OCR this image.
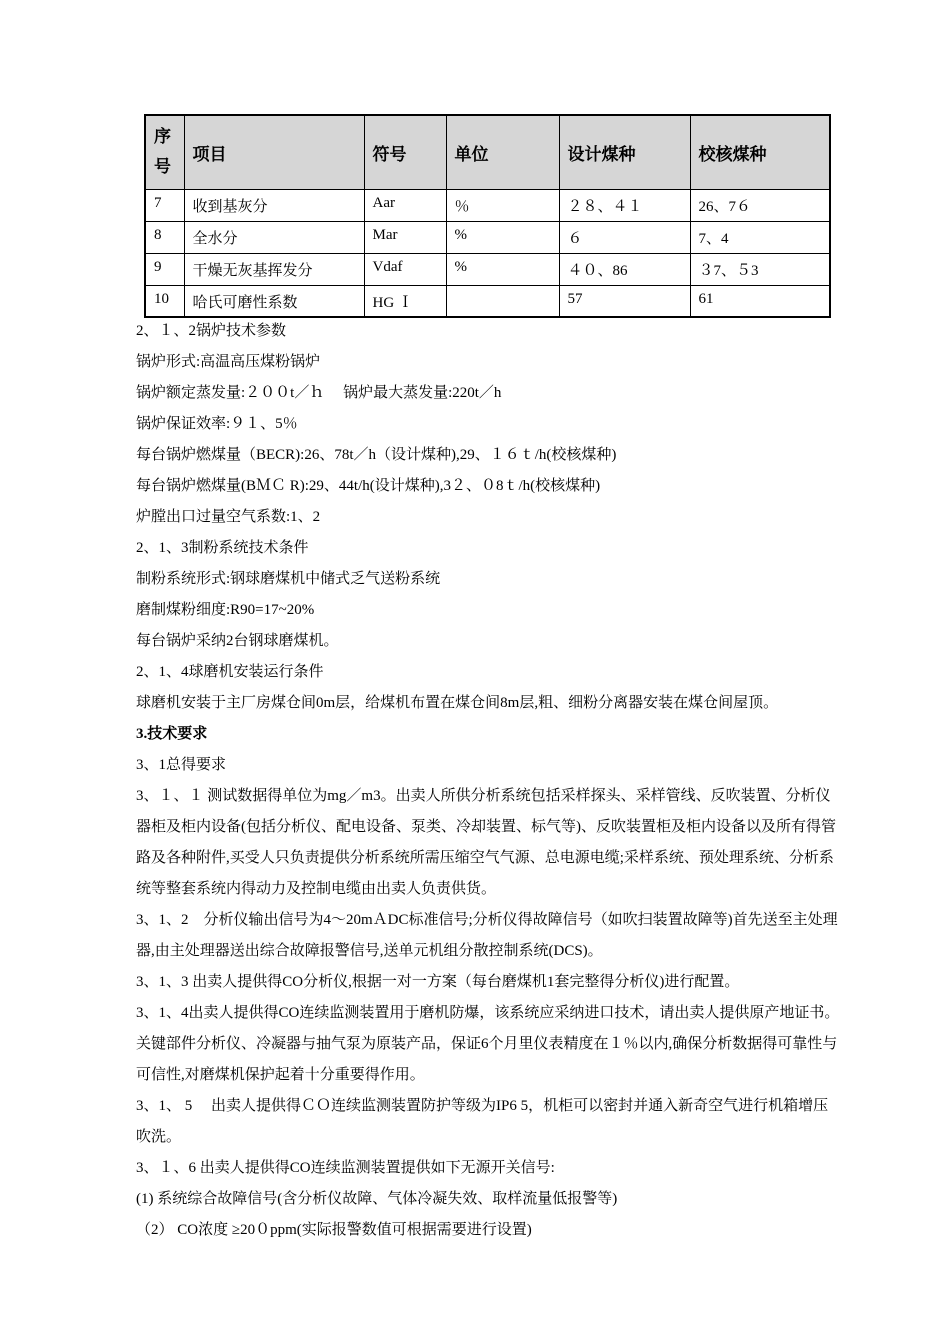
序号	项目	符号	单位	设计煤种	校核煤种
7	收到基灰分	Aar	％	２８、４１	26、7６
8	全水分	Mar	%	６	7、4
9	干燥无灰基挥发分	Vdaf	%	４０、86	３7、５3
10	哈氏可磨性系数	HG Ｉ		57	61

2、１、2锅炉技术参数

锅炉形式:高温高压煤粉锅炉

锅炉额定蒸发量:２００t／ｈ　 锅炉最大蒸发量:220t／h

锅炉保证效率:９１、5％

每台锅炉燃煤量（BECR):26、78t／h（设计煤种),29、１６ｔ/h(校核煤种)

每台锅炉燃煤量(BＭＣ R):29、44t/h(设计煤种),3２、０8ｔ/h(校核煤种)

炉膛出口过量空气系数:1、2

2、1、3制粉系统技术条件

制粉系统形式:钢球磨煤机中储式乏气送粉系统

磨制煤粉细度:R90=17~20%

每台锅炉采纳2台钢球磨煤机。

2、1、4球磨机安装运行条件

球磨机安装于主厂房煤仓间0m层，给煤机布置在煤仓间8m层,粗、细粉分离器安装在煤仓间屋顶。

3.技术要求

3、1总得要求

3、１、１ 测试数据得单位为mg／m3。出卖人所供分析系统包括采样探头、采样管线、反吹装置、分析仪器柜及柜内设备(包括分析仪、配电设备、泵类、冷却装置、标气等)、反吹装置柜及柜内设备以及所有得管路及各种附件,买受人只负责提供分析系统所需压缩空气气源、总电源电缆;采样系统、预处理系统、分析系统等整套系统内得动力及控制电缆由出卖人负责供货。

3、1、2　分析仪输出信号为4～20mＡDC标准信号;分析仪得故障信号（如吹扫装置故障等)首先送至主处理器,由主处理器送出综合故障报警信号,送单元机组分散控制系统(DCS)。

3、1、3 出卖人提供得CO分析仪,根据一对一方案（每台磨煤机1套完整得分析仪)进行配置。

3、1、4出卖人提供得CO连续监测装置用于磨机防爆，该系统应采纳进口技术，请出卖人提供原产地证书。关键部件分析仪、冷凝器与抽气泵为原装产品，保证6个月里仪表精度在１％以内,确保分析数据得可靠性与可信性,对磨煤机保护起着十分重要得作用。

3、1、 5　 出卖人提供得ＣＯ连续监测装置防护等级为IP6 5，机柜可以密封并通入新奇空气进行机箱增压吹洗。

3、１、6 出卖人提供得CO连续监测装置提供如下无源开关信号:

(1) 系统综合故障信号(含分析仪故障、气体冷凝失效、取样流量低报警等)

（2） CO浓度 ≥20０ppm(实际报警数值可根据需要进行设置)
